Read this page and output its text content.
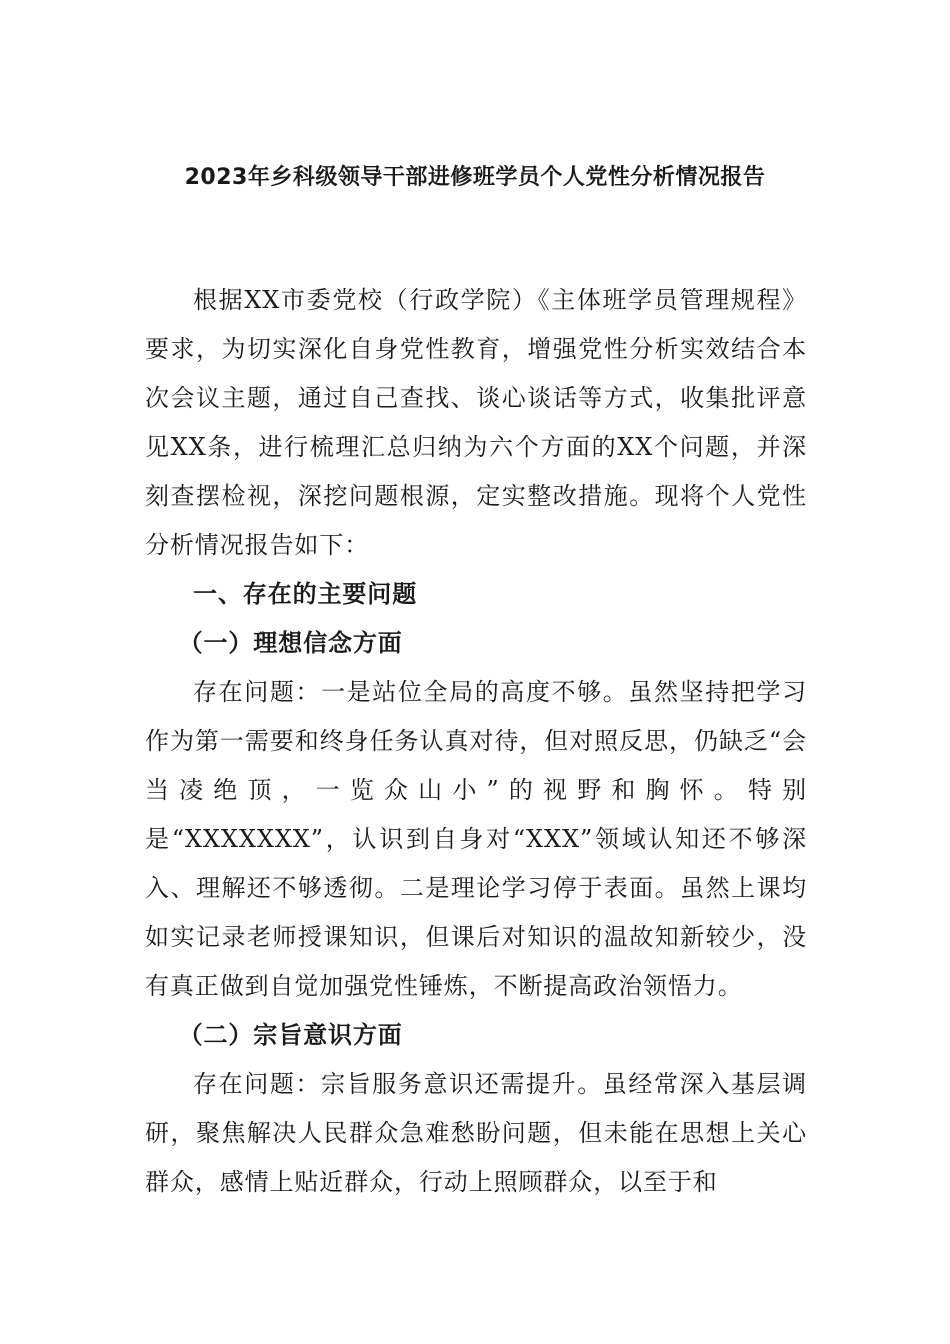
2023年乡科级领导干部进修班学员个人党性分析情况报告

根据XX市委党校（行政学院）《主体班学员管理规程》要求，为切实深化自身党性教育，增强党性分析实效结合本次会议主题，通过自己查找、谈心谈话等方式，收集批评意见XX条，进行梳理汇总归纳为六个方面的XX个问题，并深刻查摆检视，深挖问题根源，定实整改措施。现将个人党性分析情况报告如下：

一、存在的主要问题

（一）理想信念方面

存在问题：一是站位全局的高度不够。虽然坚持把学习作为第一需要和终身任务认真对待，但对照反思，仍缺乏“会当凌绝顶，一览众山小”的视野和胸怀。特别是“XXXXXXX”，认识到自身对“XXX”领域认知还不够深入、理解还不够透彻。二是理论学习停于表面。虽然上课均如实记录老师授课知识，但课后对知识的温故知新较少，没有真正做到自觉加强党性锤炼，不断提高政治领悟力。

（二）宗旨意识方面

存在问题：宗旨服务意识还需提升。虽经常深入基层调研，聚焦解决人民群众急难愁盼问题，但未能在思想上关心群众，感情上贴近群众，行动上照顾群众，以至于和
